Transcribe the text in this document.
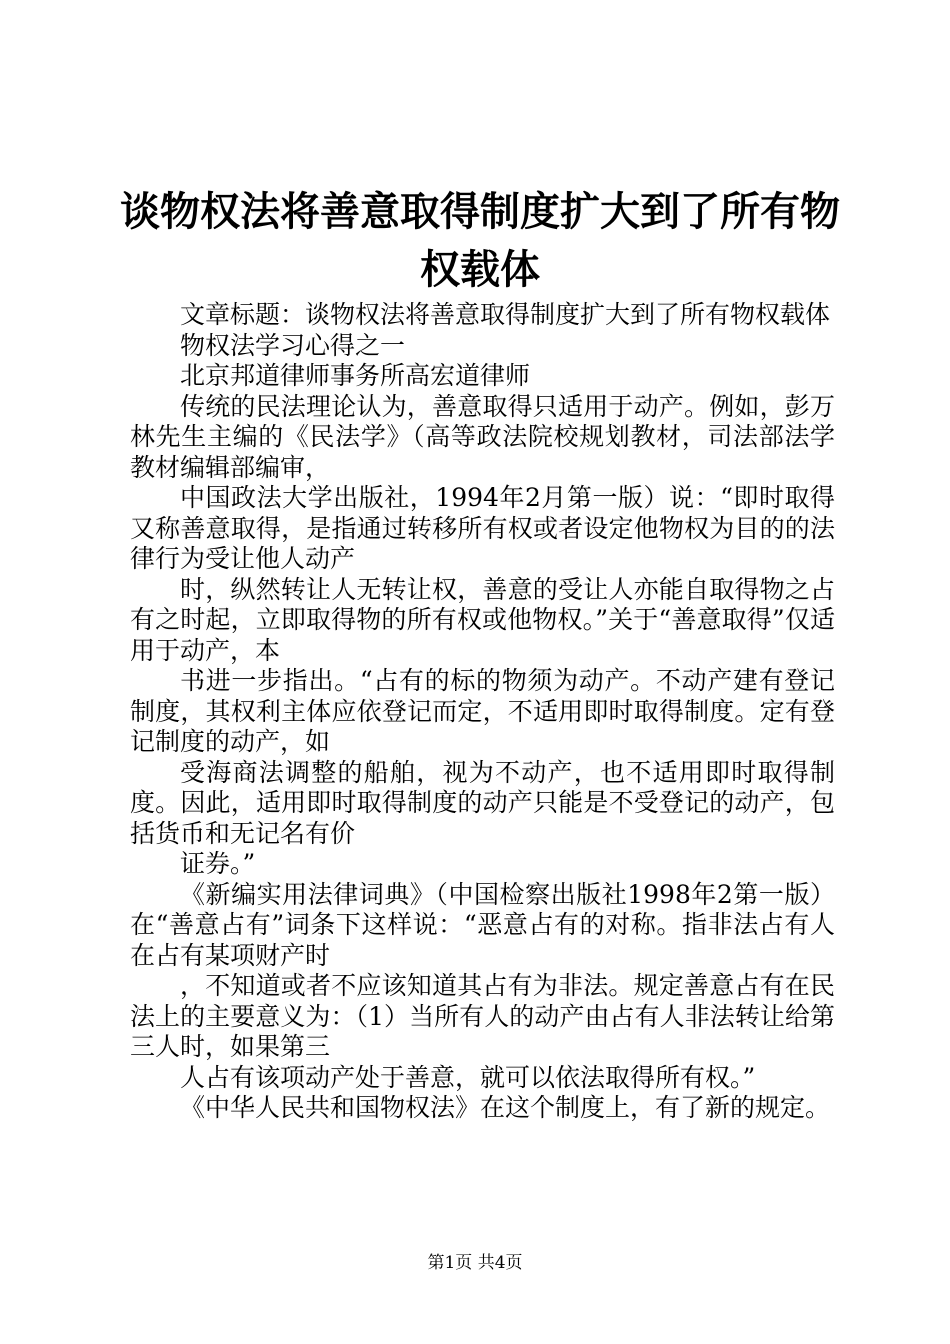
谈物权法将善意取得制度扩大到了所有物权载体

文章标题：谈物权法将善意取得制度扩大到了所有物权载体

物权法学习心得之一

北京邦道律师事务所高宏道律师

传统的民法理论认为，善意取得只适用于动产。例如，彭万林先生主编的《民法学》（高等政法院校规划教材，司法部法学教材编辑部编审，

中国政法大学出版社，1994年2月第一版）说：“即时取得又称善意取得，是指通过转移所有权或者设定他物权为目的的法律行为受让他人动产

时，纵然转让人无转让权，善意的受让人亦能自取得物之占有之时起，立即取得物的所有权或他物权。”关于“善意取得”仅适用于动产，本

书进一步指出。“占有的标的物须为动产。不动产建有登记制度，其权利主体应依登记而定，不适用即时取得制度。定有登记制度的动产，如

受海商法调整的船舶，视为不动产，也不适用即时取得制度。因此，适用即时取得制度的动产只能是不受登记的动产，包括货币和无记名有价

证券。”

《新编实用法律词典》（中国检察出版社1998年2第一版）在“善意占有”词条下这样说：“恶意占有的对称。指非法占有人在占有某项财产时

，不知道或者不应该知道其占有为非法。规定善意占有在民法上的主要意义为：（1）当所有人的动产由占有人非法转让给第三人时，如果第三

人占有该项动产处于善意，就可以依法取得所有权。”

《中华人民共和国物权法》在这个制度上，有了新的规定。

第1页 共4页
